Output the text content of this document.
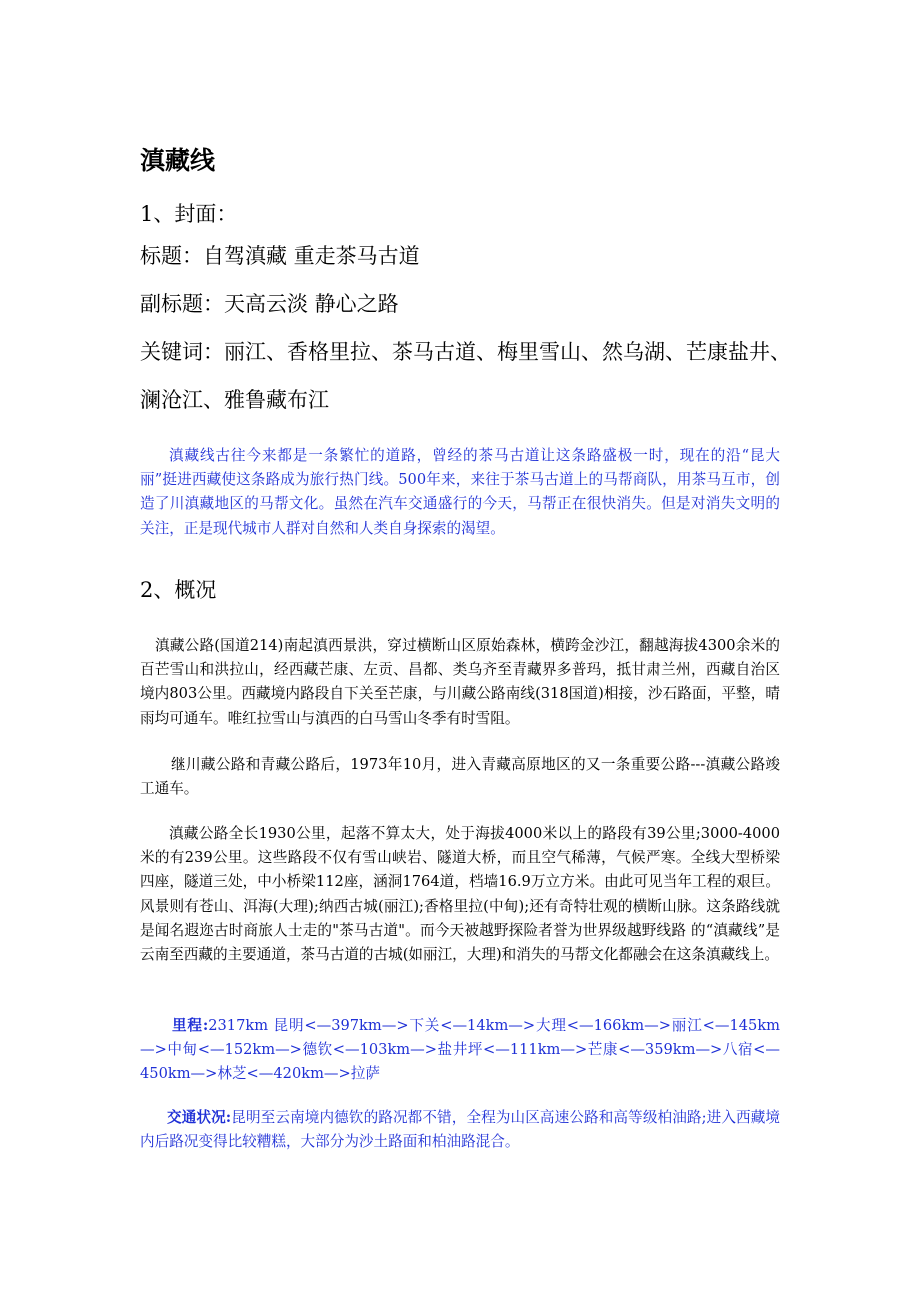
滇藏线

1、封面：

标题：自驾滇藏 重走茶马古道

副标题：天高云淡 静心之路

关键词：丽江、香格里拉、茶马古道、梅里雪山、然乌湖、芒康盐井、澜沧江、雅鲁藏布江

滇藏线古往今来都是一条繁忙的道路，曾经的茶马古道让这条路盛极一时，现在的沿“昆大丽”挺进西藏使这条路成为旅行热门线。500年来，来往于茶马古道上的马帮商队，用茶马互市，创造了川滇藏地区的马帮文化。虽然在汽车交通盛行的今天，马帮正在很快消失。但是对消失文明的关注，正是现代城市人群对自然和人类自身探索的渴望。

2、概况

滇藏公路(国道214)南起滇西景洪，穿过横断山区原始森林，横跨金沙江，翻越海拔4300余米的百芒雪山和洪拉山，经西藏芒康、左贡、昌都、类乌齐至青藏界多普玛，抵甘肃兰州，西藏自治区境内803公里。西藏境内路段自下关至芒康，与川藏公路南线(318国道)相接，沙石路面，平整，晴雨均可通车。唯红拉雪山与滇西的白马雪山冬季有时雪阻。

继川藏公路和青藏公路后，1973年10月，进入青藏高原地区的又一条重要公路---滇藏公路竣工通车。

滇藏公路全长1930公里，起落不算太大，处于海拔4000米以上的路段有39公里;3000-4000米的有239公里。这些路段不仅有雪山峡岩、隧道大桥，而且空气稀薄，气候严寒。全线大型桥梁四座，隧道三处，中小桥梁112座，涵洞1764道，档墙16.9万立方米。由此可见当年工程的艰巨。风景则有苍山、洱海(大理);纳西古城(丽江);香格里拉(中甸);还有奇特壮观的横断山脉。这条路线就是闻名遐迩古时商旅人士走的"茶马古道"。而今天被越野探险者誉为世界级越野线路 的“滇藏线”是云南至西藏的主要通道，茶马古道的古城(如丽江，大理)和消失的马帮文化都融会在这条滇藏线上。

里程:2317km 昆明<—397km—>下关<—14km—>大理<—166km—>丽江<—145km—>中甸<—152km—>德钦<—103km—>盐井坪<—111km—>芒康<—359km—>八宿<—450km—>林芝<—420km—>拉萨

交通状况:昆明至云南境内德钦的路况都不错，全程为山区高速公路和高等级柏油路;进入西藏境内后路况变得比较糟糕，大部分为沙土路面和柏油路混合。
